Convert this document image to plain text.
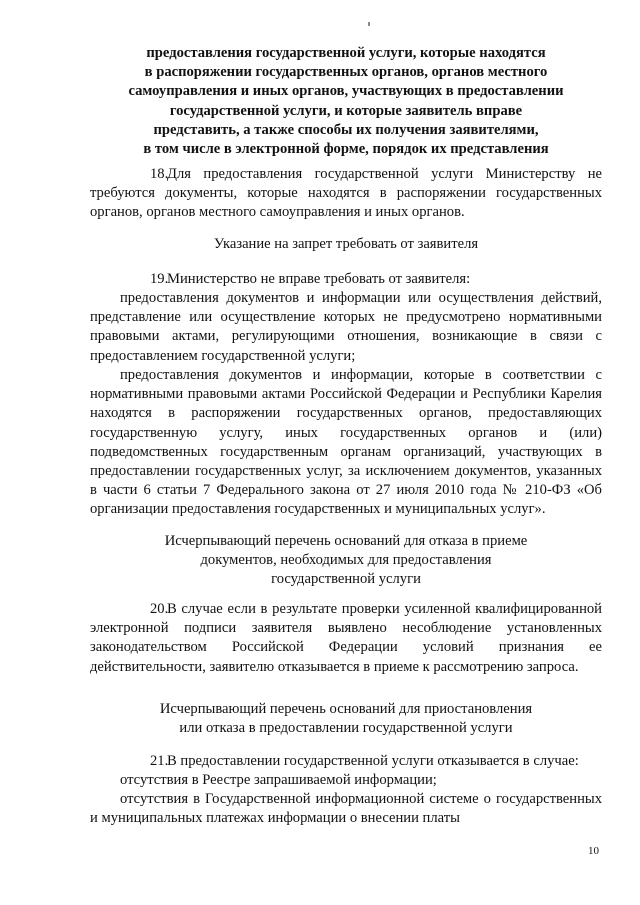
предоставления государственной услуги, которые находятся
в распоряжении государственных органов, органов местного
самоуправления и иных органов, участвующих в предоставлении
государственной услуги, и которые заявитель вправе
представить, а также способы их получения заявителями,
в том числе в электронной форме, порядок их представления

18.Для предоставления государственной услуги Министерству не требуются документы, которые находятся в распоряжении государственных органов, органов местного самоуправления и иных органов.

Указание на запрет требовать от заявителя

19.Министерство не вправе требовать от заявителя:

предоставления документов и информации или осуществления действий, представление или осуществление которых не предусмотрено нормативными правовыми актами, регулирующими отношения, возникающие в связи с предоставлением государственной услуги;

предоставления документов и информации, которые в соответствии с нормативными правовыми актами Российской Федерации и Республики Карелия находятся в распоряжении государственных органов, предоставляющих государственную услугу, иных государственных органов и (или) подведомственных государственным органам организаций, участвующих в предоставлении государственных услуг, за исключением документов, указанных в части 6 статьи 7 Федерального закона от 27 июля 2010 года № 210-ФЗ «Об организации предоставления государственных и муниципальных услуг».

Исчерпывающий перечень оснований для отказа в приеме
документов, необходимых для предоставления
государственной услуги

20.В случае если в результате проверки усиленной квалифицированной электронной подписи заявителя выявлено несоблюдение установленных законодательством Российской Федерации условий признания ее действительности, заявителю отказывается в приеме к рассмотрению запроса.

Исчерпывающий перечень оснований для приостановления
или отказа в предоставлении государственной услуги

21.В предоставлении государственной услуги отказывается в случае:

отсутствия в Реестре запрашиваемой информации;

отсутствия в Государственной информационной системе о государственных и муниципальных платежах информации о внесении платы

10
